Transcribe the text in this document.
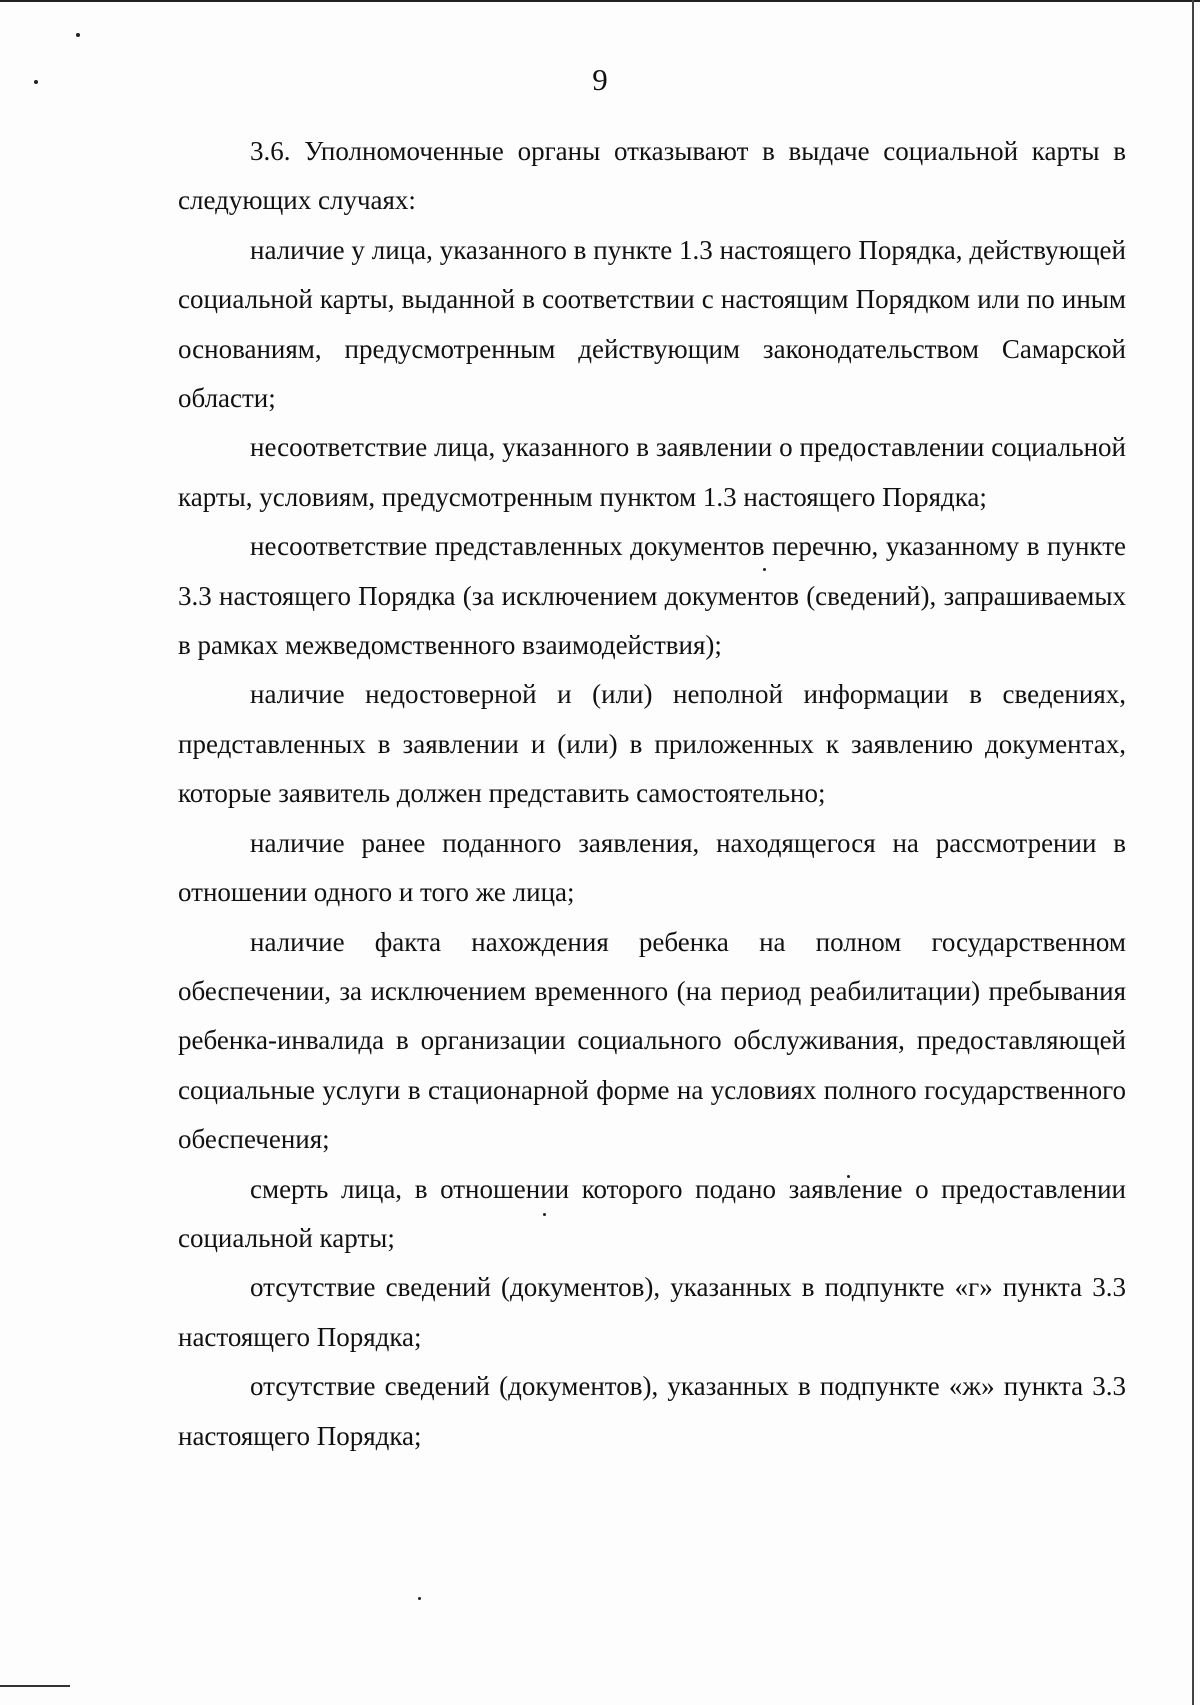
9

3.6. Уполномоченные органы отказывают в выдаче социальной карты в следующих случаях:

наличие у лица, указанного в пункте 1.3 настоящего Порядка, действующей социальной карты, выданной в соответствии с настоящим Порядком или по иным основаниям, предусмотренным действующим законодательством Самарской области;

несоответствие лица, указанного в заявлении о предоставлении социальной карты, условиям, предусмотренным пунктом 1.3 настоящего Порядка;

несоответствие представленных документов перечню, указанному в пункте 3.3 настоящего Порядка (за исключением документов (сведений), запрашиваемых в рамках межведомственного взаимодействия);

наличие недостоверной и (или) неполной информации в сведениях, представленных в заявлении и (или) в приложенных к заявлению документах, которые заявитель должен представить самостоятельно;

наличие ранее поданного заявления, находящегося на рассмотрении в отношении одного и того же лица;

наличие факта нахождения ребенка на полном государственном обеспечении, за исключением временного (на период реабилитации) пребывания ребенка-инвалида в организации социального обслуживания, предоставляющей социальные услуги в стационарной форме на условиях полного государственного обеспечения;

смерть лица, в отношении которого подано заявление о предоставлении социальной карты;

отсутствие сведений (документов), указанных в подпункте «г» пункта 3.3 настоящего Порядка;

отсутствие сведений (документов), указанных в подпункте «ж» пункта 3.3 настоящего Порядка;
